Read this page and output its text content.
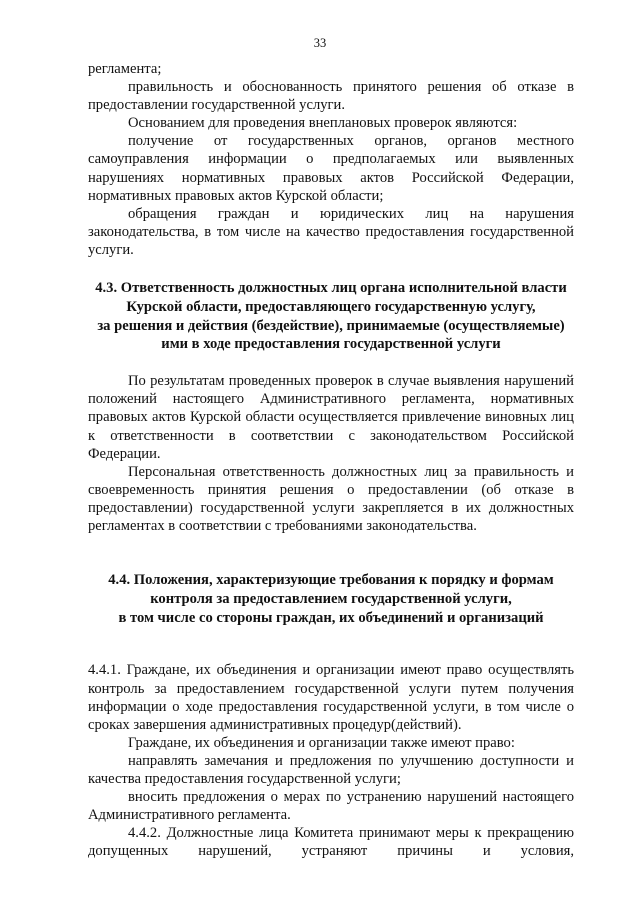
33

регламента;

правильность и обоснованность принятого решения об отказе в предоставлении государственной услуги.

Основанием для проведения внеплановых проверок являются:

получение от государственных органов, органов местного самоуправления информации о предполагаемых или выявленных нарушениях нормативных правовых актов Российской Федерации, нормативных правовых актов Курской области;

обращения граждан и юридических лиц на нарушения законодательства, в том числе на качество предоставления государственной услуги.

4.3. Ответственность должностных лиц органа исполнительной власти

Курской области, предоставляющего государственную услугу,

за решения и действия (бездействие), принимаемые (осуществляемые)

ими в ходе предоставления государственной услуги

По результатам проведенных проверок в случае выявления нарушений положений настоящего Административного регламента, нормативных правовых актов Курской области осуществляется привлечение виновных лиц к ответственности в соответствии с законодательством Российской Федерации.

Персональная ответственность должностных лиц за правильность и своевременность принятия решения о предоставлении (об отказе в предоставлении) государственной услуги закрепляется в их должностных регламентах в соответствии с требованиями законодательства.

4.4. Положения, характеризующие требования к порядку и формам

контроля за предоставлением государственной услуги,

в том числе со стороны граждан, их объединений и организаций

4.4.1. Граждане, их объединения и организации имеют право осуществлять контроль за предоставлением государственной услуги путем получения информации о ходе предоставления государственной услуги, в том числе о сроках завершения административных процедур(действий).

Граждане, их объединения и организации также имеют право:

направлять замечания и предложения по улучшению доступности и качества предоставления государственной услуги;

вносить предложения о мерах по устранению нарушений настоящего Административного регламента.

4.4.2. Должностные лица Комитета принимают меры к прекращению допущенных нарушений, устраняют причины и условия,
